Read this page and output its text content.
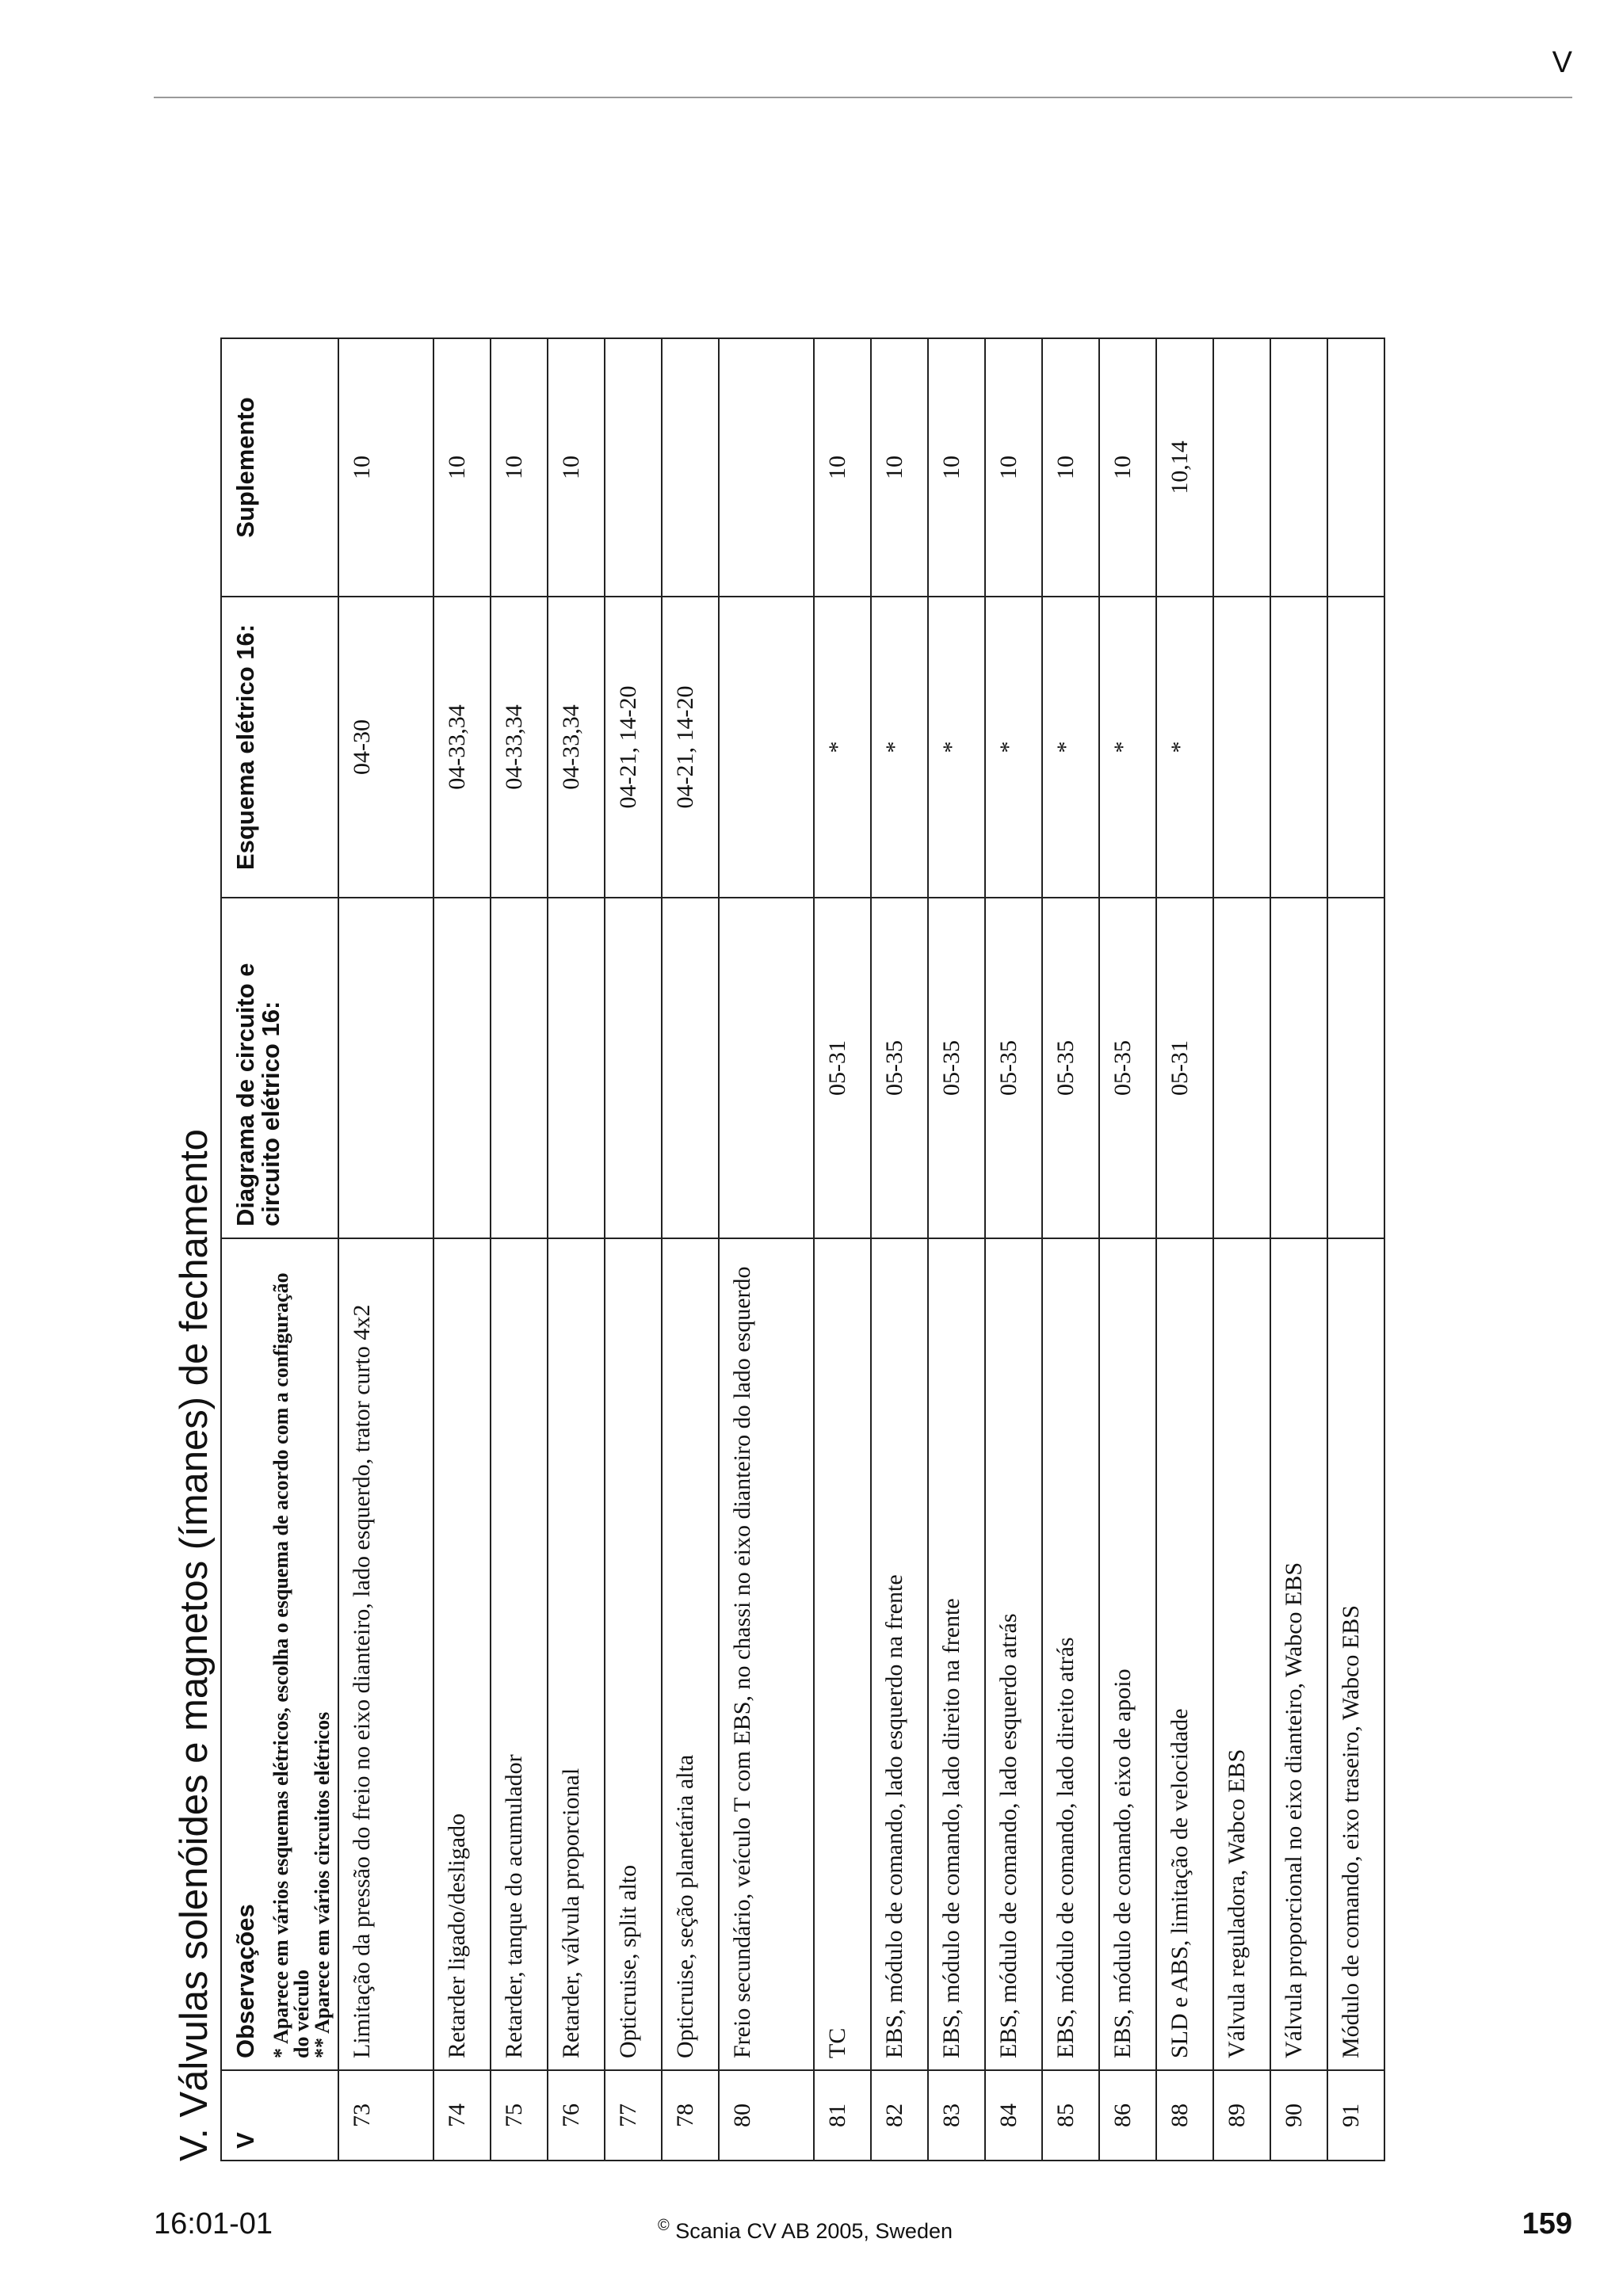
V
V. Válvulas solenóides e magnetos (ímanes) de fechamento V	Observações * Aparece em vários esquemas elétricos, escolha o esquema de acordo com a configuração do veículo
** Aparece em vários circuitos elétricos	Diagrama de circuito e circuito elétrico 16:	Esquema elétrico 16:	Suplemento
73	Limitação da pressão do freio no eixo dianteiro, lado esquerdo, trator curto 4x2		04-30	10
74	Retarder ligado/desligado		04-33,34	10
75	Retarder, tanque do acumulador		04-33,34	10
76	Retarder, válvula proporcional		04-33,34	10
77	Opticruise, split alto		04-21, 14-20	
78	Opticruise, seção planetária alta		04-21, 14-20	
80	Freio secundário, veículo T com EBS, no chassi no eixo dianteiro do lado esquerdo			
81	TC	05-31	*	10
82	EBS, módulo de comando, lado esquerdo na frente	05-35	*	10
83	EBS, módulo de comando, lado direito na frente	05-35	*	10
84	EBS, módulo de comando, lado esquerdo atrás	05-35	*	10
85	EBS, módulo de comando, lado direito atrás	05-35	*	10
86	EBS, módulo de comando, eixo de apoio	05-35	*	10
88	SLD e ABS, limitação de velocidade	05-31	*	10,14
89	Válvula reguladora, Wabco EBS			
90	Válvula proporcional no eixo dianteiro, Wabco EBS			
91	Módulo de comando, eixo traseiro, Wabco EBS			
16:01-01	© Scania CV AB 2005, Sweden	159
